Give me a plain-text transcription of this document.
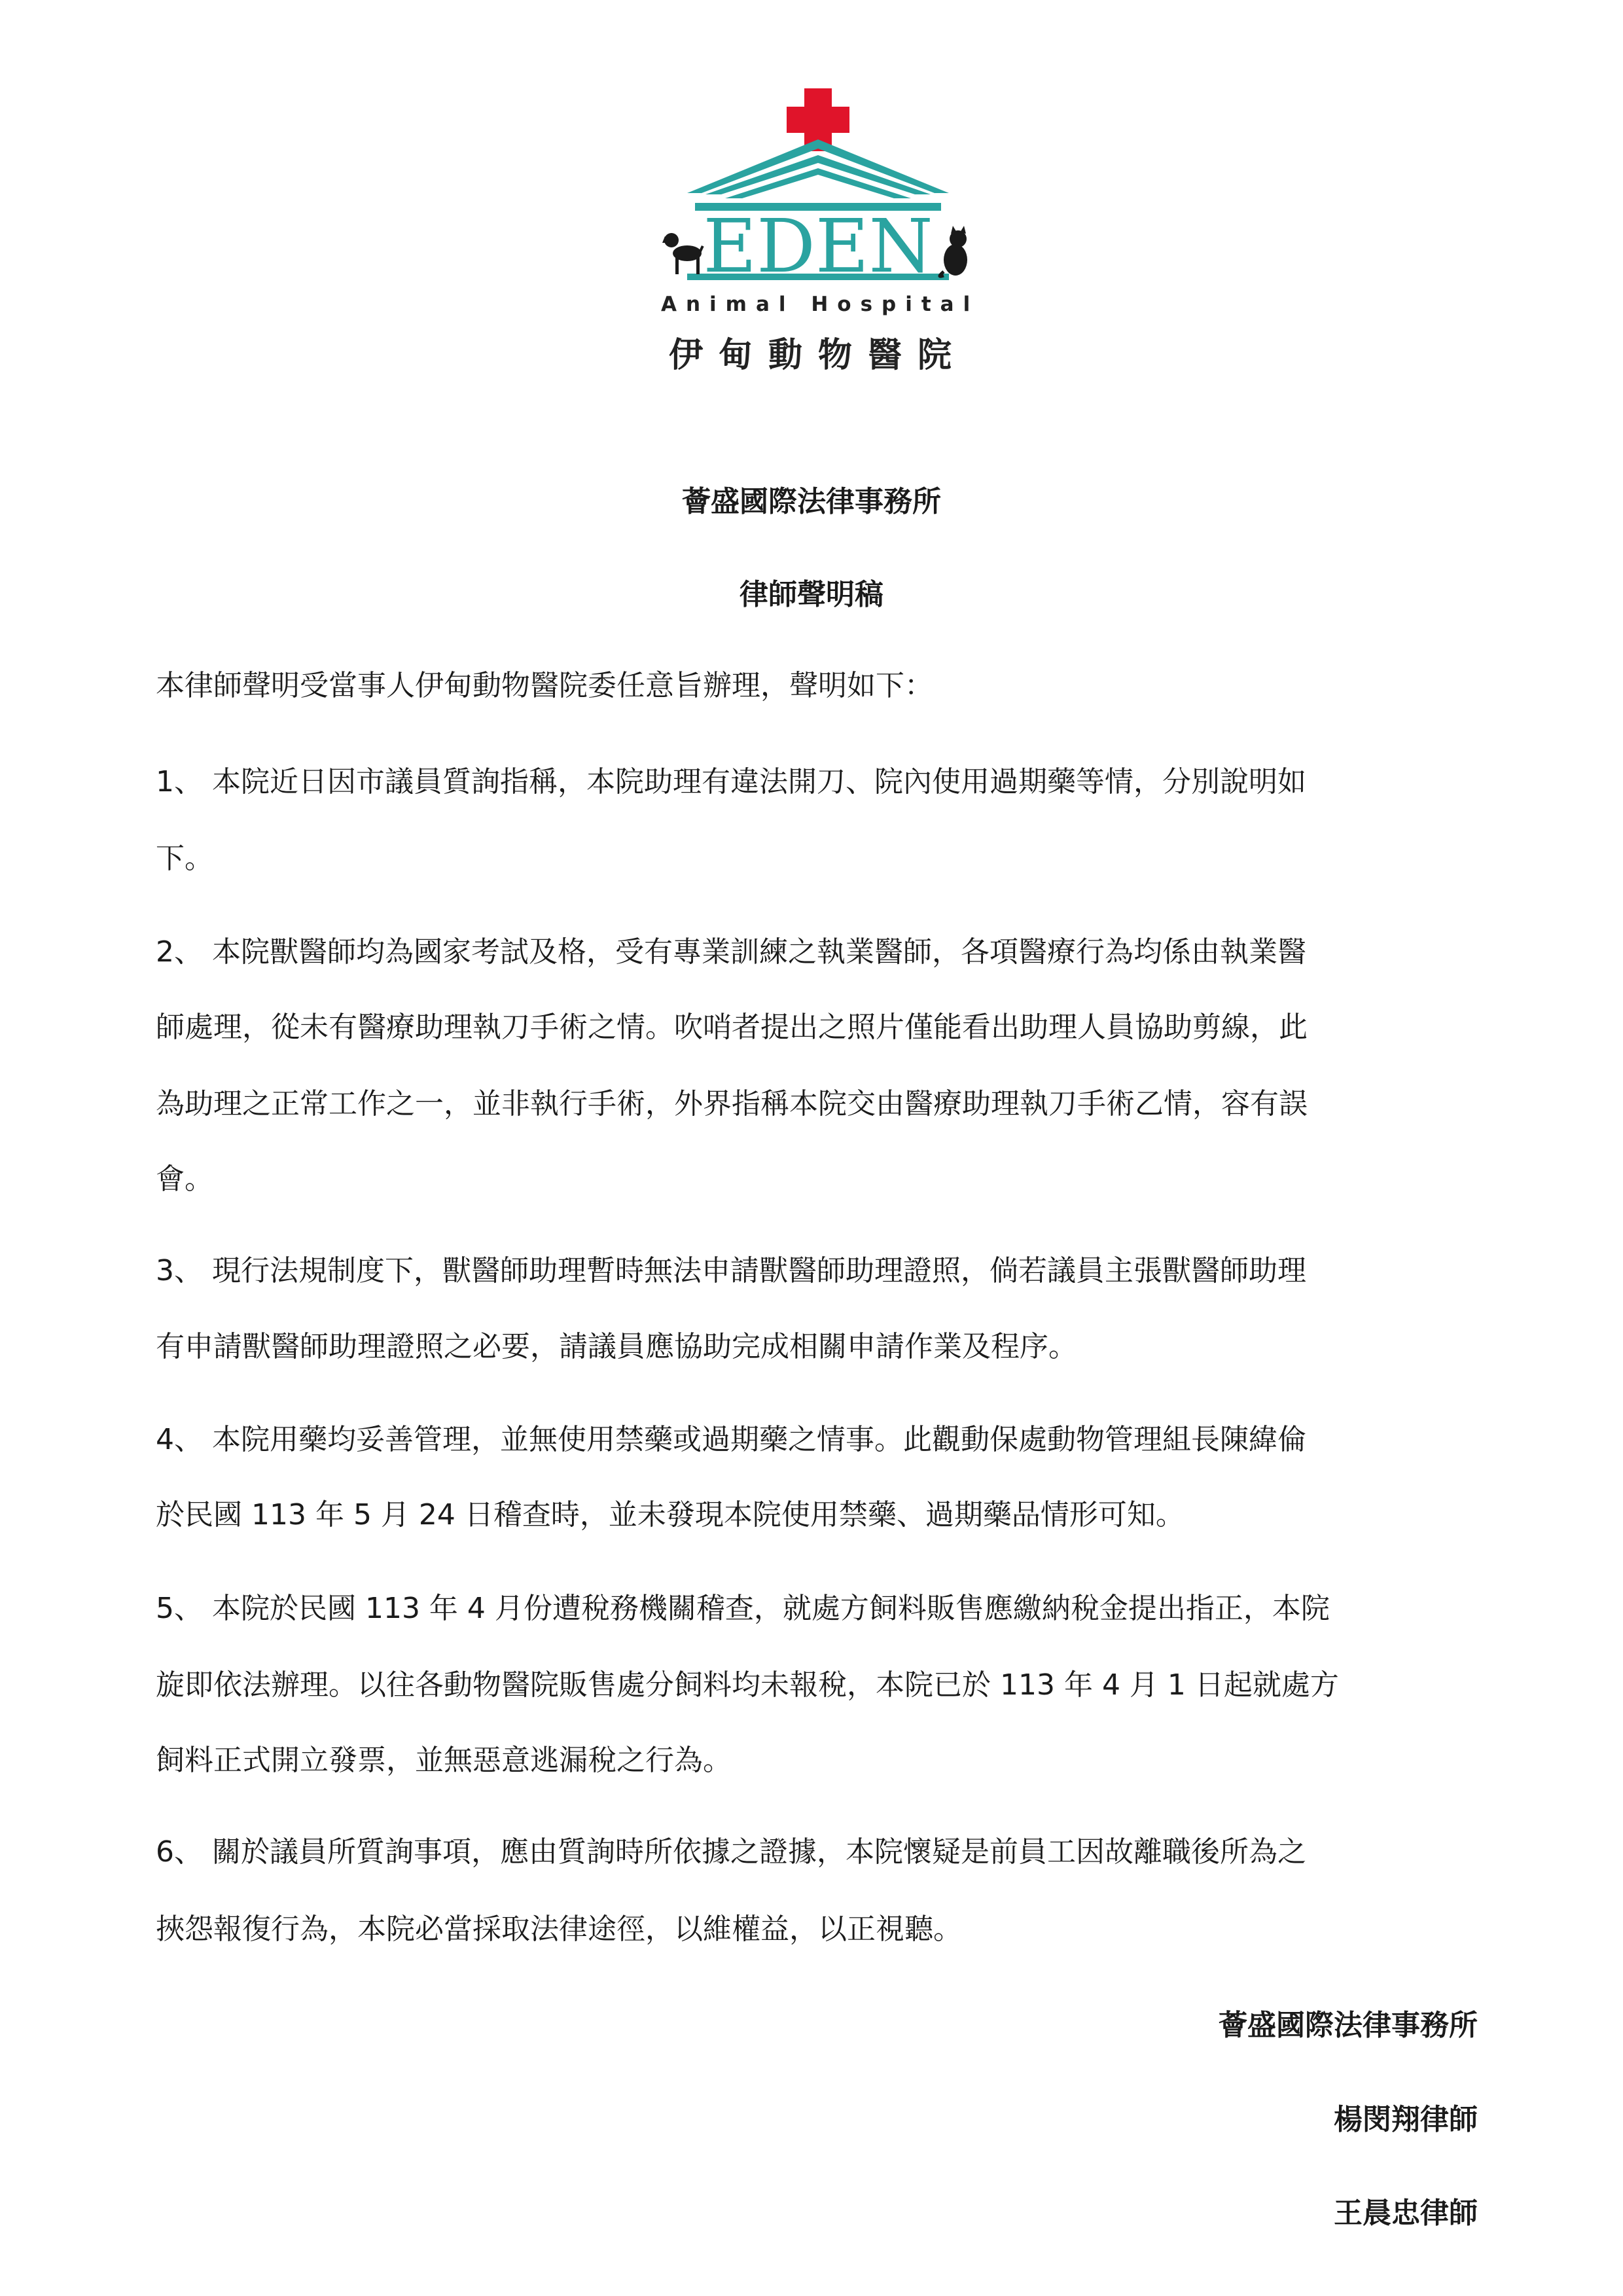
EDEN
Animal Hospital
伊甸動物醫院
薈盛國際法律事務所
律師聲明稿
本律師聲明受當事人伊甸動物醫院委任意旨辦理，聲明如下：
1、 本院近日因市議員質詢指稱，本院助理有違法開刀、院內使用過期藥等情，分別說明如
下。
2、 本院獸醫師均為國家考試及格，受有專業訓練之執業醫師，各項醫療行為均係由執業醫
師處理，從未有醫療助理執刀手術之情。吹哨者提出之照片僅能看出助理人員協助剪線，此
為助理之正常工作之一，並非執行手術，外界指稱本院交由醫療助理執刀手術乙情，容有誤
會。
3、 現行法規制度下，獸醫師助理暫時無法申請獸醫師助理證照，倘若議員主張獸醫師助理
有申請獸醫師助理證照之必要，請議員應協助完成相關申請作業及程序。
4、 本院用藥均妥善管理，並無使用禁藥或過期藥之情事。此觀動保處動物管理組長陳緯倫
於民國 113 年 5 月 24 日稽查時，並未發現本院使用禁藥、過期藥品情形可知。
5、 本院於民國 113 年 4 月份遭稅務機關稽查，就處方飼料販售應繳納稅金提出指正，本院
旋即依法辦理。以往各動物醫院販售處分飼料均未報稅，本院已於 113 年 4 月 1 日起就處方
飼料正式開立發票，並無惡意逃漏稅之行為。
6、 關於議員所質詢事項，應由質詢時所依據之證據，本院懷疑是前員工因故離職後所為之
挾怨報復行為，本院必當採取法律途徑，以維權益，以正視聽。
薈盛國際法律事務所
楊閔翔律師
王晨忠律師
